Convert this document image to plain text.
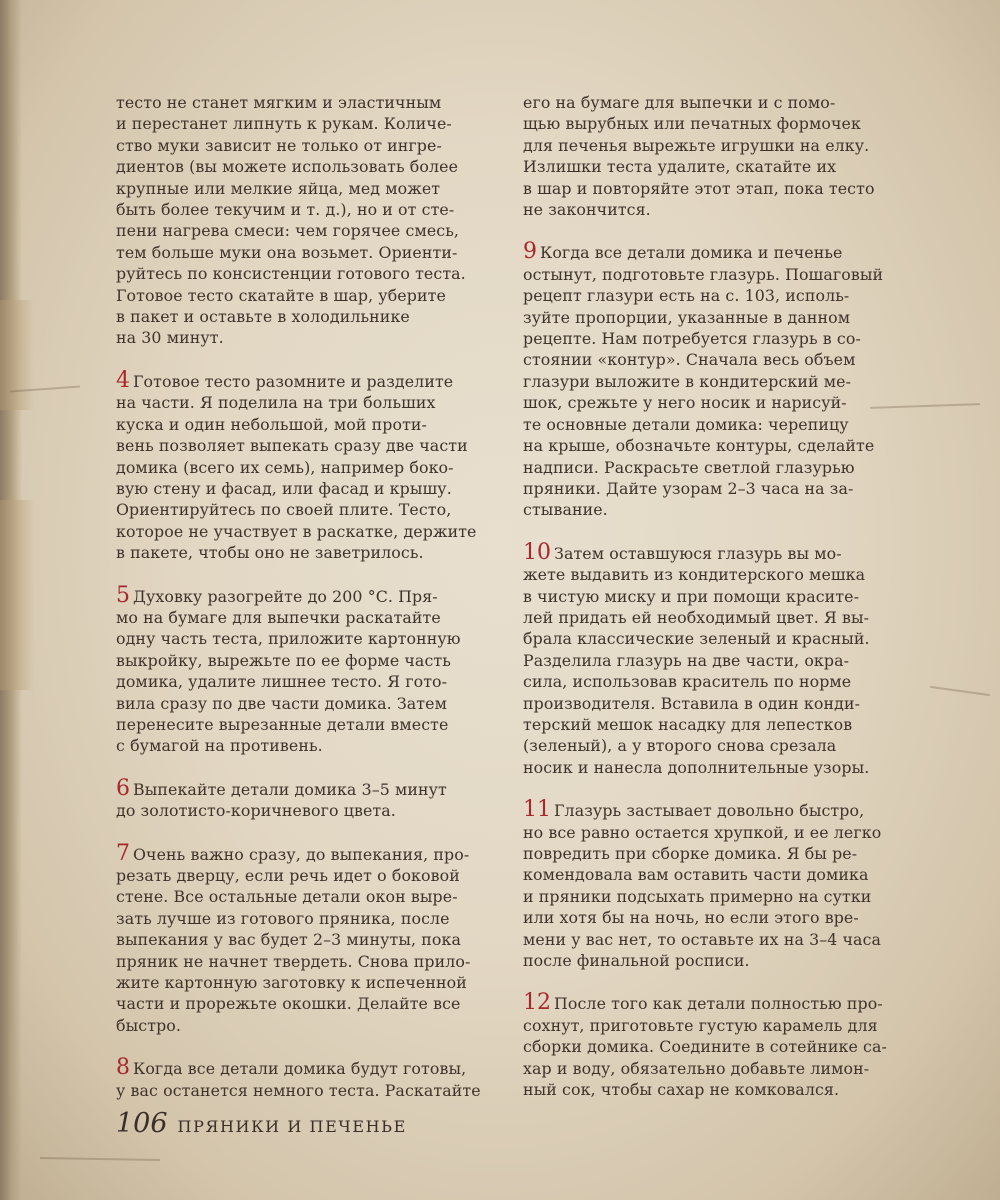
тесто не станет мягким и эластичным
и перестанет липнуть к рукам. Количе-
ство муки зависит не только от ингре-
диентов (вы можете использовать более
крупные или мелкие яйца, мед может
быть более текучим и т. д.), но и от сте-
пени нагрева смеси: чем горячее смесь,
тем больше муки она возьмет. Ориенти-
руйтесь по консистенции готового теста.
Готовое тесто скатайте в шар, уберите
в пакет и оставьте в холодильнике
на 30 минут.
4 Готовое тесто разомните и разделите
на части. Я поделила на три больших
куска и один небольшой, мой проти-
вень позволяет выпекать сразу две части
домика (всего их семь), например боко-
вую стену и фасад, или фасад и крышу.
Ориентируйтесь по своей плите. Тесто,
которое не участвует в раскатке, держите
в пакете, чтобы оно не заветрилось.
5 Духовку разогрейте до 200 °С. Пря-
мо на бумаге для выпечки раскатайте
одну часть теста, приложите картонную
выкройку, вырежьте по ее форме часть
домика, удалите лишнее тесто. Я гото-
вила сразу по две части домика. Затем
перенесите вырезанные детали вместе
с бумагой на противень.
6 Выпекайте детали домика 3–5 минут
до золотисто-коричневого цвета.
7 Очень важно сразу, до выпекания, про-
резать дверцу, если речь идет о боковой
стене. Все остальные детали окон выре-
зать лучше из готового пряника, после
выпекания у вас будет 2–3 минуты, пока
пряник не начнет твердеть. Снова прило-
жите картонную заготовку к испеченной
части и прорежьте окошки. Делайте все
быстро.
8 Когда все детали домика будут готовы,
у вас останется немного теста. Раскатайте
его на бумаге для выпечки и с помо-
щью вырубных или печатных формочек
для печенья вырежьте игрушки на елку.
Излишки теста удалите, скатайте их
в шар и повторяйте этот этап, пока тесто
не закончится.
9 Когда все детали домика и печенье
остынут, подготовьте глазурь. Пошаговый
рецепт глазури есть на с. 103, исполь-
зуйте пропорции, указанные в данном
рецепте. Нам потребуется глазурь в со-
стоянии «контур». Сначала весь объем
глазури выложите в кондитерский ме-
шок, срежьте у него носик и нарисуй-
те основные детали домика: черепицу
на крыше, обозначьте контуры, сделайте
надписи. Раскрасьте светлой глазурью
пряники. Дайте узорам 2–3 часа на за-
стывание.
10 Затем оставшуюся глазурь вы мо-
жете выдавить из кондитерского мешка
в чистую миску и при помощи красите-
лей придать ей необходимый цвет. Я вы-
брала классические зеленый и красный.
Разделила глазурь на две части, окра-
сила, использовав краситель по норме
производителя. Вставила в один конди-
терский мешок насадку для лепестков
(зеленый), а у второго снова срезала
носик и нанесла дополнительные узоры.
11 Глазурь застывает довольно быстро,
но все равно остается хрупкой, и ее легко
повредить при сборке домика. Я бы ре-
комендовала вам оставить части домика
и пряники подсыхать примерно на сутки
или хотя бы на ночь, но если этого вре-
мени у вас нет, то оставьте их на 3–4 часа
после финальной росписи.
12 После того как детали полностью про-
сохнут, приготовьте густую карамель для
сборки домика. Соедините в сотейнике са-
хар и воду, обязательно добавьте лимон-
ный сок, чтобы сахар не комковался.
106 ПРЯНИКИ И ПЕЧЕНЬЕ
